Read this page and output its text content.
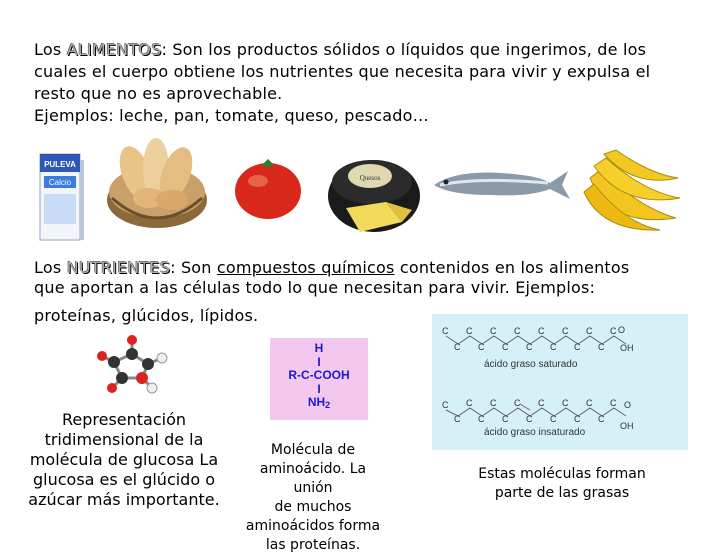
Los ALIMENTOS: Son los productos sólidos o líquidos que ingerimos, de los
cuales el cuerpo obtiene los nutrientes que necesita para vivir y expulsa el
resto que no es aprovechable.
Ejemplos: leche, pan, tomate, queso, pescado…
PULEVA
Calcio	Quesos
Los NUTRIENTES: Son compuestos químicos contenidos en los alimentos
que aportan a las células todo lo que necesitan para vivir. Ejemplos:
proteínas, glúcidos, lípidos.
H
I
R-C-COOH
I
NH2
C
C
C
C
C
C
C
C
C
C
C
C
C
C
C O
OH
ácido graso saturado
C
C
C
C
C
C
C
C
C
C
C
C
C
C
C O
OH
ácido graso insaturado
Representación
tridimensional de la
molécula de glucosa La
glucosa es el glúcido o
azúcar más importante.
Molécula de
aminoácido. La unión
de muchos
aminoácidos forma
las proteínas.
Estas moléculas forman
parte de las grasas
